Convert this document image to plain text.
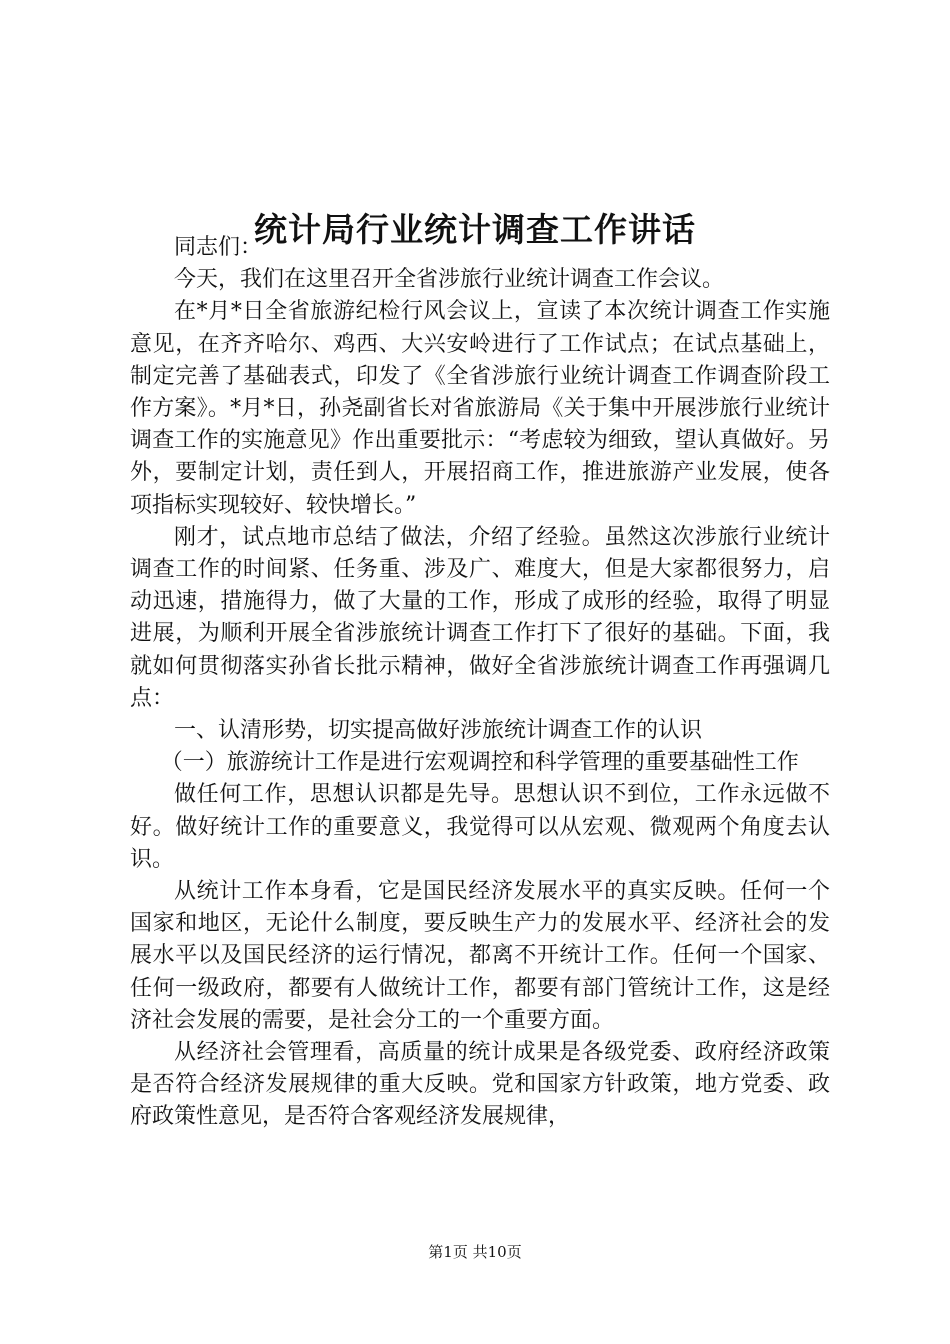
统计局行业统计调查工作讲话

同志们：

今天，我们在这里召开全省涉旅行业统计调查工作会议。

在*月*日全省旅游纪检行风会议上，宣读了本次统计调查工作实施意见，在齐齐哈尔、鸡西、大兴安岭进行了工作试点；在试点基础上，制定完善了基础表式，印发了《全省涉旅行业统计调查工作调查阶段工作方案》。*月*日，孙尧副省长对省旅游局《关于集中开展涉旅行业统计调查工作的实施意见》作出重要批示：“考虑较为细致，望认真做好。另外，要制定计划，责任到人，开展招商工作，推进旅游产业发展，使各项指标实现较好、较快增长。”

刚才，试点地市总结了做法，介绍了经验。虽然这次涉旅行业统计调查工作的时间紧、任务重、涉及广、难度大，但是大家都很努力，启动迅速，措施得力，做了大量的工作，形成了成形的经验，取得了明显进展，为顺利开展全省涉旅统计调查工作打下了很好的基础。下面，我就如何贯彻落实孙省长批示精神，做好全省涉旅统计调查工作再强调几点：

一、认清形势，切实提高做好涉旅统计调查工作的认识

（一）旅游统计工作是进行宏观调控和科学管理的重要基础性工作

做任何工作，思想认识都是先导。思想认识不到位，工作永远做不好。做好统计工作的重要意义，我觉得可以从宏观、微观两个角度去认识。

从统计工作本身看，它是国民经济发展水平的真实反映。任何一个国家和地区，无论什么制度，要反映生产力的发展水平、经济社会的发展水平以及国民经济的运行情况，都离不开统计工作。任何一个国家、任何一级政府，都要有人做统计工作，都要有部门管统计工作，这是经济社会发展的需要，是社会分工的一个重要方面。

从经济社会管理看，高质量的统计成果是各级党委、政府经济政策是否符合经济发展规律的重大反映。党和国家方针政策，地方党委、政府政策性意见，是否符合客观经济发展规律，

第1页 共10页
